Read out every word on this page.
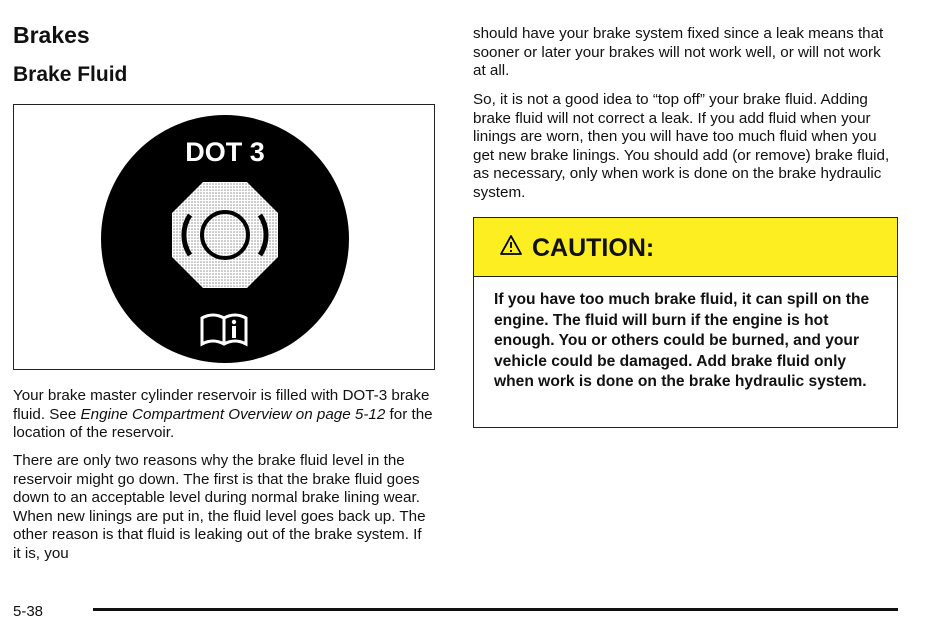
Brakes
Brake Fluid
DOT 3

Your brake master cylinder reservoir is filled with DOT-3 brake fluid. See Engine Compartment Overview on page 5-12 for the location of the reservoir.

There are only two reasons why the brake fluid level in the reservoir might go down. The first is that the brake fluid goes down to an acceptable level during normal brake lining wear. When new linings are put in, the fluid level goes back up. The other reason is that fluid is leaking out of the brake system. If it is, you

should have your brake system fixed since a leak means that sooner or later your brakes will not work well, or will not work at all.

So, it is not a good idea to “top off” your brake fluid. Adding brake fluid will not correct a leak. If you add fluid when your linings are worn, then you will have too much fluid when you get new brake linings. You should add (or remove) brake fluid, as necessary, only when work is done on the brake hydraulic system.

CAUTION:

If you have too much brake fluid, it can spill on the engine. The fluid will burn if the engine is hot enough. You or others could be burned, and your vehicle could be damaged. Add brake fluid only when work is done on the brake hydraulic system.

5-38
